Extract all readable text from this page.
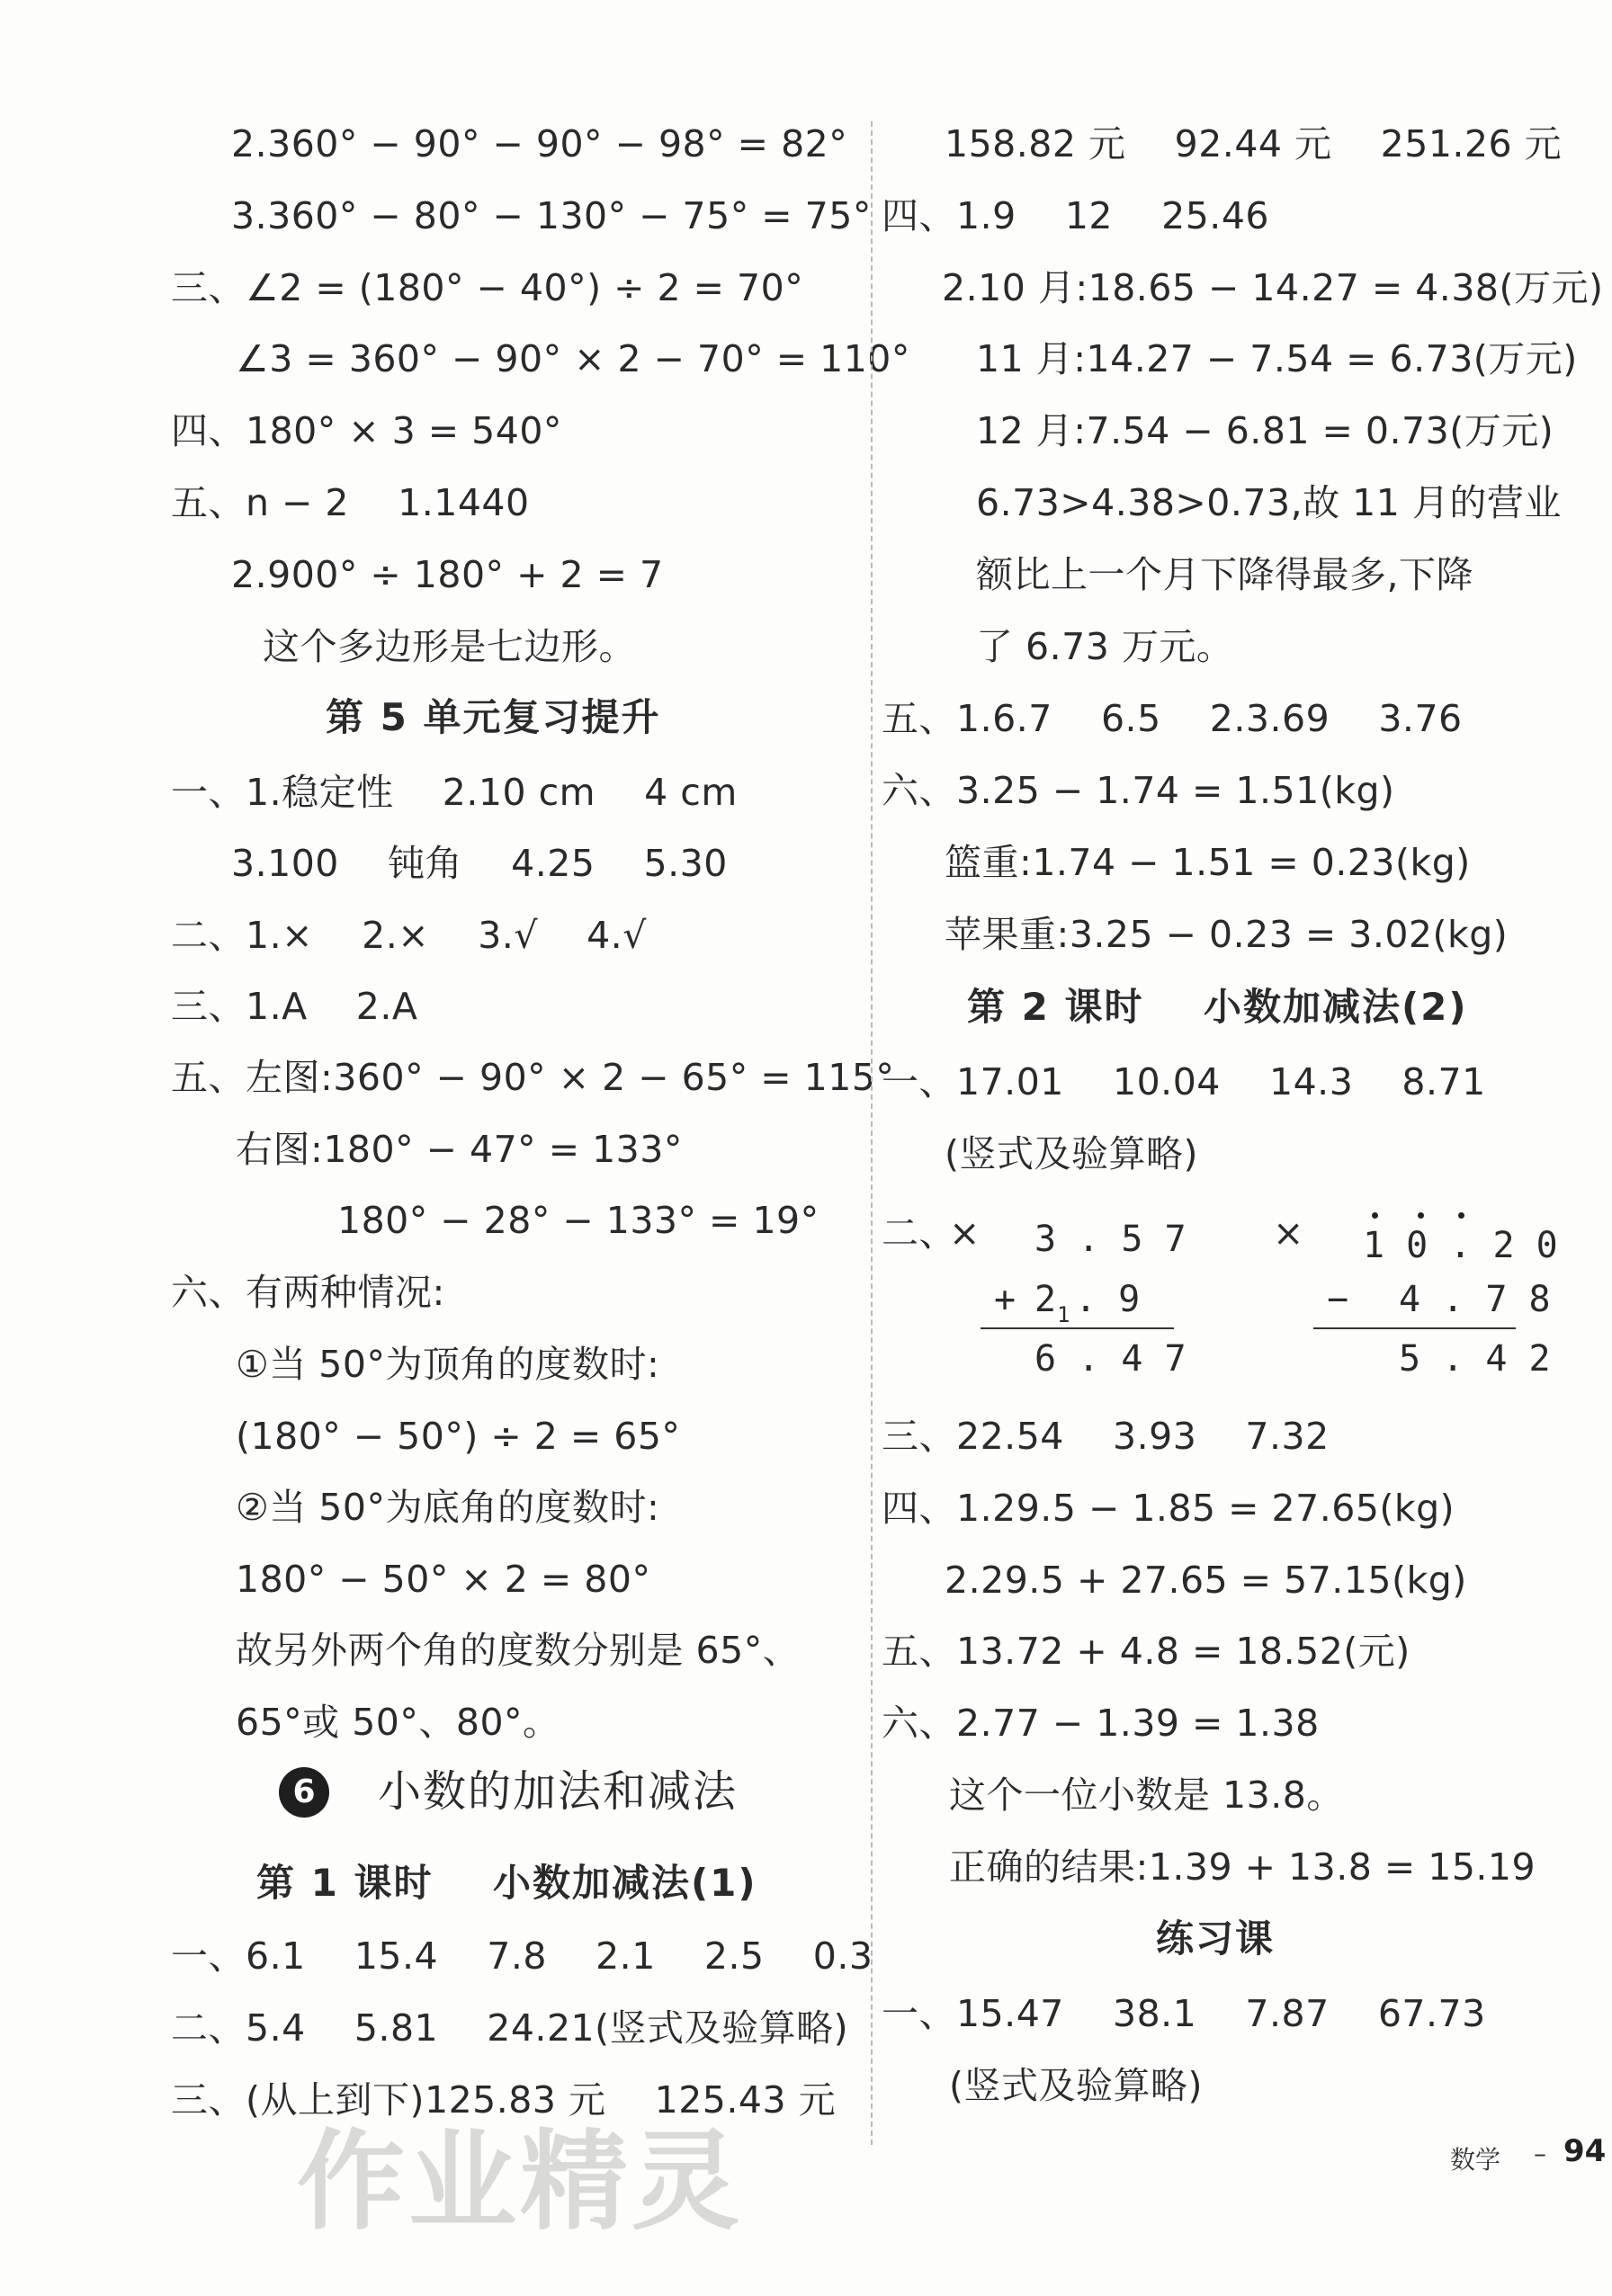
2.360° − 90° − 90° − 98° = 82°
3.360° − 80° − 130° − 75° = 75°
三、∠2 = (180° − 40°) ÷ 2 = 70°
∠3 = 360° − 90° × 2 − 70° = 110°
四、180° × 3 = 540°
五、n − 2    1.1440
2.900° ÷ 180° + 2 = 7
这个多边形是七边形。
第 5 单元复习提升
一、1.稳定性    2.10 cm    4 cm
3.100    钝角    4.25    5.30
二、1.×    2.×    3.√    4.√
三、1.A    2.A
五、左图:360° − 90° × 2 − 65° = 115°
右图:180° − 47° = 133°
180° − 28° − 133° = 19°
六、有两种情况:
①当 50°为顶角的度数时:
(180° − 50°) ÷ 2 = 65°
②当 50°为底角的度数时:
180° − 50° × 2 = 80°
故另外两个角的度数分别是 65°、
65°或 50°、80°。
6	小数的加法和减法
第 1 课时    小数加减法(1)
一、6.1    15.4    7.8    2.1    2.5    0.3
二、5.4    5.81    24.21(竖式及验算略)
三、(从上到下)125.83 元    125.43 元
158.82 元    92.44 元    251.26 元
四、1.9    12    25.46
2.10 月:18.65 − 14.27 = 4.38(万元)
11 月:14.27 − 7.54 = 6.73(万元)
12 月:7.54 − 6.81 = 0.73(万元)
6.73>4.38>0.73,故 11 月的营业
额比上一个月下降得最多,下降
了 6.73 万元。
五、1.6.7    6.5    2.3.69    3.76
六、3.25 − 1.74 = 1.51(kg)
篮重:1.74 − 1.51 = 0.23(kg)
苹果重:3.25 − 0.23 = 3.02(kg)
第 2 课时    小数加减法(2)
一、17.01    10.04    14.3    8.71
(竖式及验算略)
二、
× 3 . 5 7
+ 2 1 . 9
6 . 4 7
× 1 0 . 2 0
− 4 . 7 8
5 . 4 2
三、22.54    3.93    7.32
四、1.29.5 − 1.85 = 27.65(kg)
2.29.5 + 27.65 = 57.15(kg)
五、13.72 + 4.8 = 18.52(元)
六、2.77 − 1.39 = 1.38
这个一位小数是 13.8。
正确的结果:1.39 + 13.8 = 15.19
练习课
一、15.47    38.1    7.87    67.73
(竖式及验算略)
作业精灵	数学 – 94
